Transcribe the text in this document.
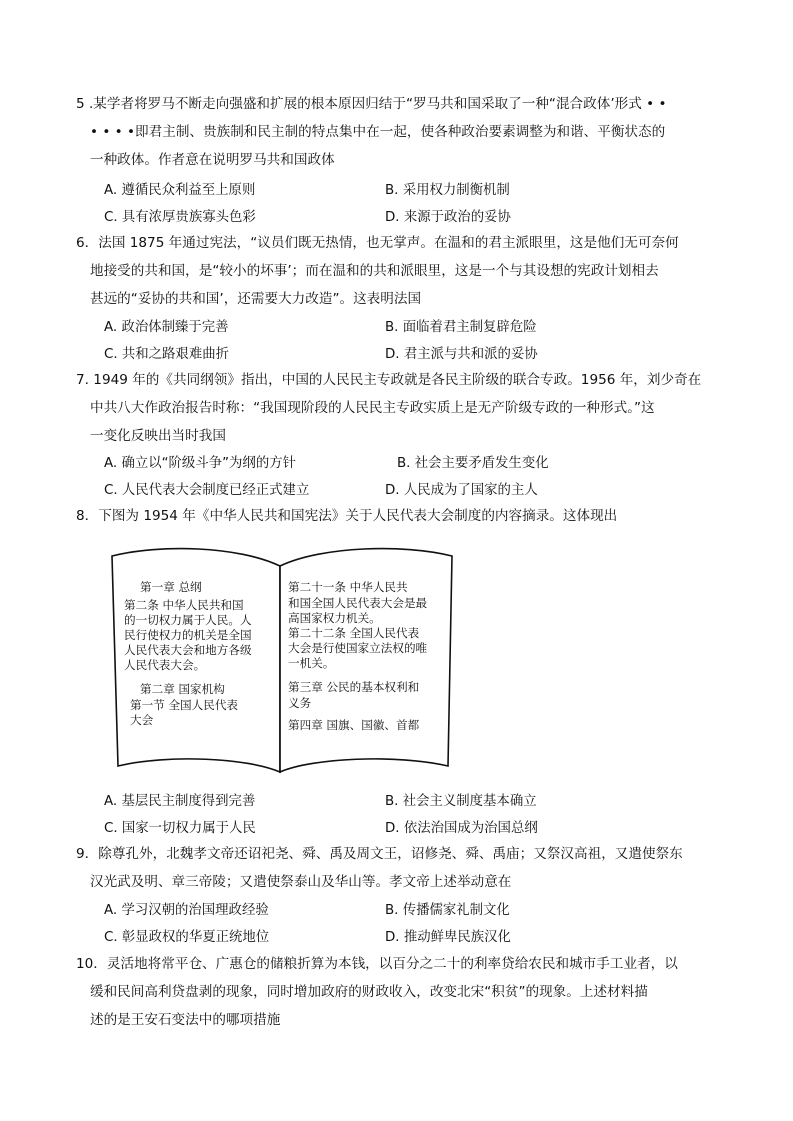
5 .某学者将罗马不断走向强盛和扩展的根本原因归结于“罗马共和国采取了一种“混合政体’形式 • •
• • • •即君主制、贵族制和民主制的特点集中在一起，使各种政治要素调整为和谐、平衡状态的
一种政体。作者意在说明罗马共和国政体
A. 遵循民众利益至上原则	B. 采用权力制衡机制
C. 具有浓厚贵族寡头色彩	D. 来源于政治的妥协
6．法国 1875 年通过宪法，“议员们既无热情，也无掌声。在温和的君主派眼里，这是他们无可奈何
地接受的共和国，是“较小的坏事’；而在温和的共和派眼里，这是一个与其设想的宪政计划相去
甚远的“妥协的共和国’，还需要大力改造”。这表明法国
A. 政治体制臻于完善	B. 面临着君主制复辟危险
C. 共和之路艰难曲折	D. 君主派与共和派的妥协
7. 1949 年的《共同纲领》指出，中国的人民民主专政就是各民主阶级的联合专政。1956 年，刘少奇在
中共八大作政治报告时称：“我国现阶段的人民民主专政实质上是无产阶级专政的一种形式。”这
一变化反映出当时我国
A. 确立以“阶级斗争”为纲的方针	B. 社会主要矛盾发生变化
C. 人民代表大会制度已经正式建立	D. 人民成为了国家的主人
8．下图为 1954 年《中华人民共和国宪法》关于人民代表大会制度的内容摘录。这体现出
第一章 总纲
第二条 中华人民共和国
的一切权力属于人民。人
民行使权力的机关是全国
人民代表大会和地方各级
人民代表大会。
第二章 国家机构
第一节 全国人民代表
大会
第二十一条 中华人民共
和国全国人民代表大会是最
高国家权力机关。
第二十二条 全国人民代表
大会是行使国家立法权的唯
一机关。
第三章 公民的基本权利和
义务
第四章 国旗、国徽、首都
A. 基层民主制度得到完善	B. 社会主义制度基本确立
C. 国家一切权力属于人民	D. 依法治国成为治国总纲
9．除尊孔外，北魏孝文帝还诏祀尧、舜、禹及周文王，诏修尧、舜、禹庙；又祭汉高祖，又遣使祭东
汉光武及明、章三帝陵；又遣使祭泰山及华山等。孝文帝上述举动意在
A. 学习汉朝的治国理政经验	B. 传播儒家礼制文化
C. 彰显政权的华夏正统地位	D. 推动鲜卑民族汉化
10．灵活地将常平仓、广惠仓的储粮折算为本钱，以百分之二十的利率贷给农民和城市手工业者，以
缓和民间高利贷盘剥的现象，同时增加政府的财政收入，改变北宋“积贫”的现象。上述材料描
述的是王安石变法中的哪项措施
